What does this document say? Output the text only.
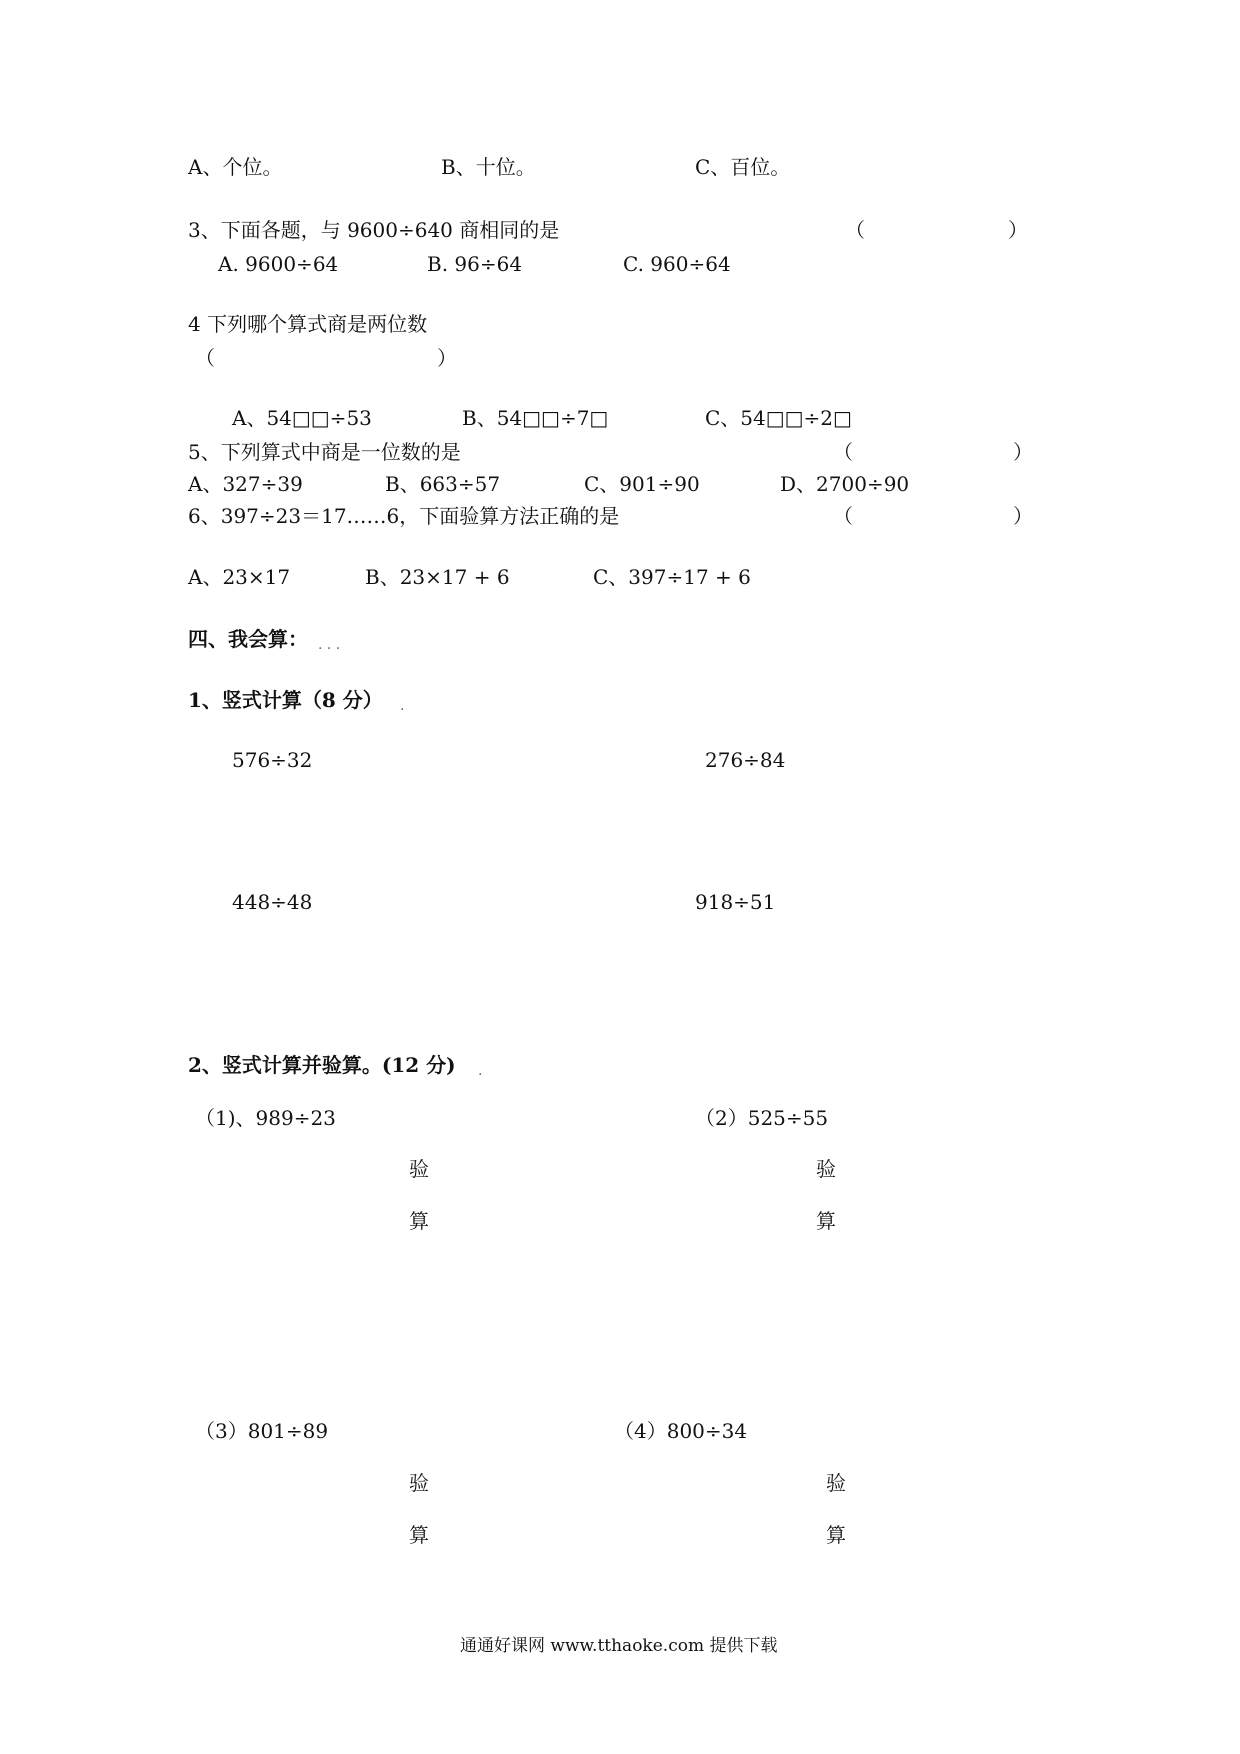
A、个位。	B、十位。	C、百位。
3、下面各题，与 9600÷640 商相同的是	（	）
A. 9600÷64	B. 96÷64	C. 960÷64
4 下列哪个算式商是两位数
（	）
A、54□□÷53	B、54□□÷7□	C、54□□÷2□
5、下列算式中商是一位数的是	（	）
A、327÷39	B、663÷57	C、901÷90	D、2700÷90
6、397÷23＝17……6，下面验算方法正确的是	（	）
A、23×17	B、23×17 + 6	C、397÷17 + 6
四、我会算： . . .
1、竖式计算（8 分） .
576÷32	276÷84
448÷48	918÷51
2、竖式计算并验算。(12 分) .
（1)、989÷23	（2）525÷55
验
算
验
算
（3）801÷89	（4）800÷34
验
算
验
算
通通好课网 www.tthaoke.com 提供下载
